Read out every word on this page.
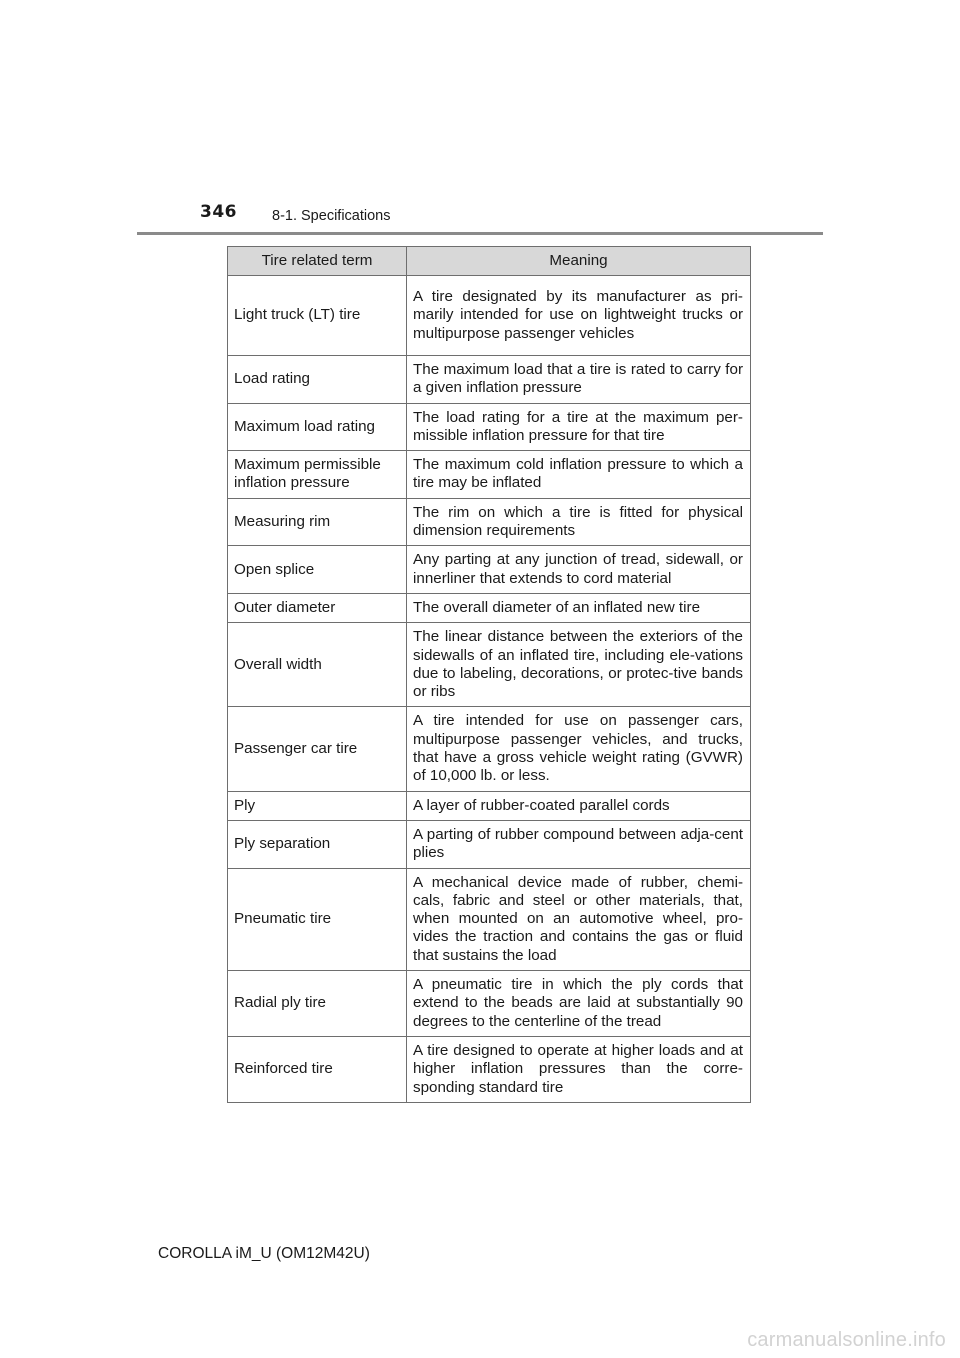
346 8-1. Specifications
Tire related term	Meaning
Light truck (LT) tire	A tire designated by its manufacturer as pri-marily intended for use on lightweight trucks or multipurpose passenger vehicles
Load rating	The maximum load that a tire is rated to carry for a given inflation pressure
Maximum load rating	The load rating for a tire at the maximum per-missible inflation pressure for that tire
Maximum permissible inflation pressure	The maximum cold inflation pressure to which a tire may be inflated
Measuring rim	The rim on which a tire is fitted for physical dimension requirements
Open splice	Any parting at any junction of tread, sidewall, or innerliner that extends to cord material
Outer diameter	The overall diameter of an inflated new tire
Overall width	The linear distance between the exteriors of the sidewalls of an inflated tire, including ele-vations due to labeling, decorations, or protec-tive bands or ribs
Passenger car tire	A tire intended for use on passenger cars, multipurpose passenger vehicles, and trucks, that have a gross vehicle weight rating (GVWR) of 10,000 lb. or less.
Ply	A layer of rubber-coated parallel cords
Ply separation	A parting of rubber compound between adja-cent plies
Pneumatic tire	A mechanical device made of rubber, chemi-cals, fabric and steel or other materials, that, when mounted on an automotive wheel, pro-vides the traction and contains the gas or fluid that sustains the load
Radial ply tire	A pneumatic tire in which the ply cords that extend to the beads are laid at substantially 90 degrees to the centerline of the tread
Reinforced tire	A tire designed to operate at higher loads and at higher inflation pressures than the corre-sponding standard tire
COROLLA iM_U (OM12M42U)
carmanualsonline.info
